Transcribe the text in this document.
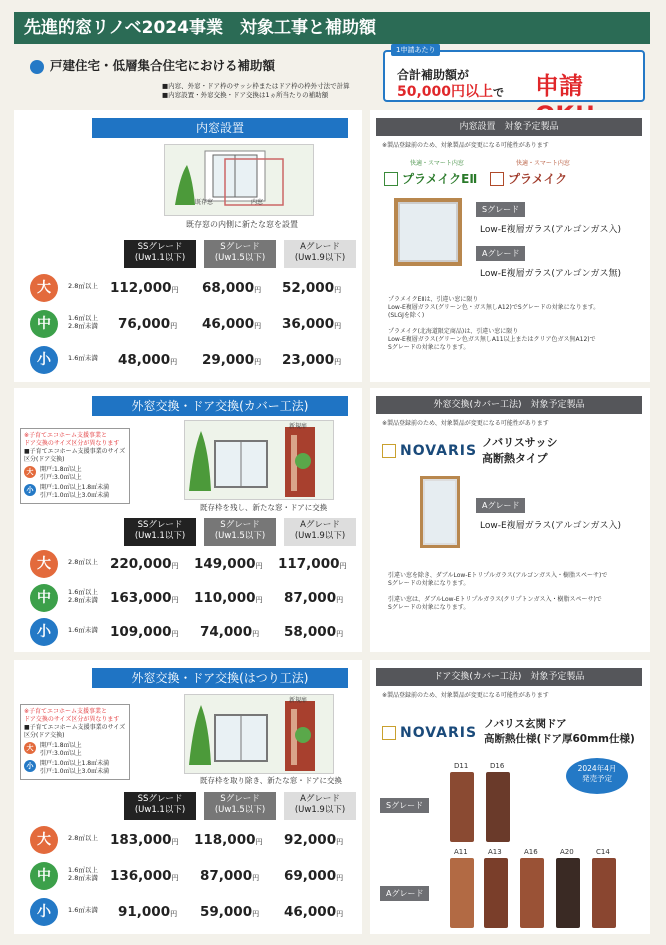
先進的窓リノベ2024事業　対象工事と補助額
戸建住宅・低層集合住宅における補助額
■内窓、外窓・ドア枠のサッシ枠またはドア枠の枠外寸法で計算
■内窓設置・外窓交換・ドア交換は1ヵ所当たりの補助額
1申請あたり
合計補助額が
50,000円以上で 申請
内窓設置
既存窓	内窓
既存窓の内側に新たな窓を設置
SSグレード
(Uw1.1以下)
Sグレード
(Uw1.5以下)
Aグレード
(Uw1.9以下)
大	2.8㎡以上 112,000円 68,000円 52,000円
中	1.6㎡以上
2.8㎡未満 76,000円 46,000円 36,000円
小	1.6㎡未満 48,000円 29,000円 23,000円
内窓設置　対象予定製品
※製品登録前のため、対象製品が変更になる可能性があります
快適・スマート内窓
プラメイクEⅡ
快適・スマート内窓
プラメイク
Sグレード
Low-E複層ガラス(アルゴンガス入)
Aグレード
Low-E複層ガラス(アルゴンガス無)
プラメイクEⅡは、引違い窓に限り
Low-E複層ガラス(グリーン色・ガス無しA12)でSグレードの対象になります。
(SLGJを除く)
プラメイク(北海道限定商品)は、引違い窓に限り
Low-E複層ガラス(グリーン色ガス無しA11以上またはクリア色ガス無A12)で
Sグレードの対象になります。
外窓交換・ドア交換(カバー工法)
※子育てエコホーム支援事業と
ドア交換のサイズ区分が異なります
■子育てエコホーム支援事業のサイズ区分(ドア交換)
大	開戸:1.8㎡以上
引戸:3.0㎡以上
小	開戸:1.0㎡以上1.8㎡未満
引戸:1.0㎡以上3.0㎡未満
新規扉
既存枠を残し、新たな窓・ドアに交換
SSグレード
(Uw1.1以下)
Sグレード
(Uw1.5以下)
Aグレード
(Uw1.9以下)
大	2.8㎡以上 220,000円 149,000円 117,000円
中	1.6㎡以上
2.8㎡未満 163,000円 110,000円 87,000円
小	1.6㎡未満 109,000円 74,000円 58,000円
外窓交換(カバー工法)　対象予定製品
※製品登録前のため、対象製品が変更になる可能性があります
NOVARIS
ノバリスサッシ
高断熱タイプ
Aグレード
Low-E複層ガラス(アルゴンガス入)
引違い窓を除き、ダブルLow-Eトリプルガラス(アルゴンガス入・樹脂スペーサ)で
Sグレードの対象になります。
引違い窓は、ダブルLow-Eトリプルガラス(クリプトンガス入・樹脂スペーサ)で
Sグレードの対象になります。
外窓交換・ドア交換(はつり工法)
※子育てエコホーム支援事業と
ドア交換のサイズ区分が異なります
■子育てエコホーム支援事業のサイズ区分(ドア交換)
大	開戸:1.8㎡以上
引戸:3.0㎡以上
小	開戸:1.0㎡以上1.8㎡未満
引戸:1.0㎡以上3.0㎡未満
新規扉
既存枠を取り除き、新たな窓・ドアに交換
SSグレード
(Uw1.1以下)
Sグレード
(Uw1.5以下)
Aグレード
(Uw1.9以下)
大	2.8㎡以上 183,000円 118,000円 92,000円
中	1.6㎡以上
2.8㎡未満 136,000円 87,000円 69,000円
小	1.6㎡未満 91,000円 59,000円 46,000円
ドア交換(カバー工法)　対象予定製品
※製品登録前のため、対象製品が変更になる可能性があります
NOVARIS
ノバリス玄関ドア
高断熱仕様(ドア厚60mm仕様)
2024年4月
発売予定
Sグレード
D11	D16
Aグレード
A11	A13	A16	A20	C14
